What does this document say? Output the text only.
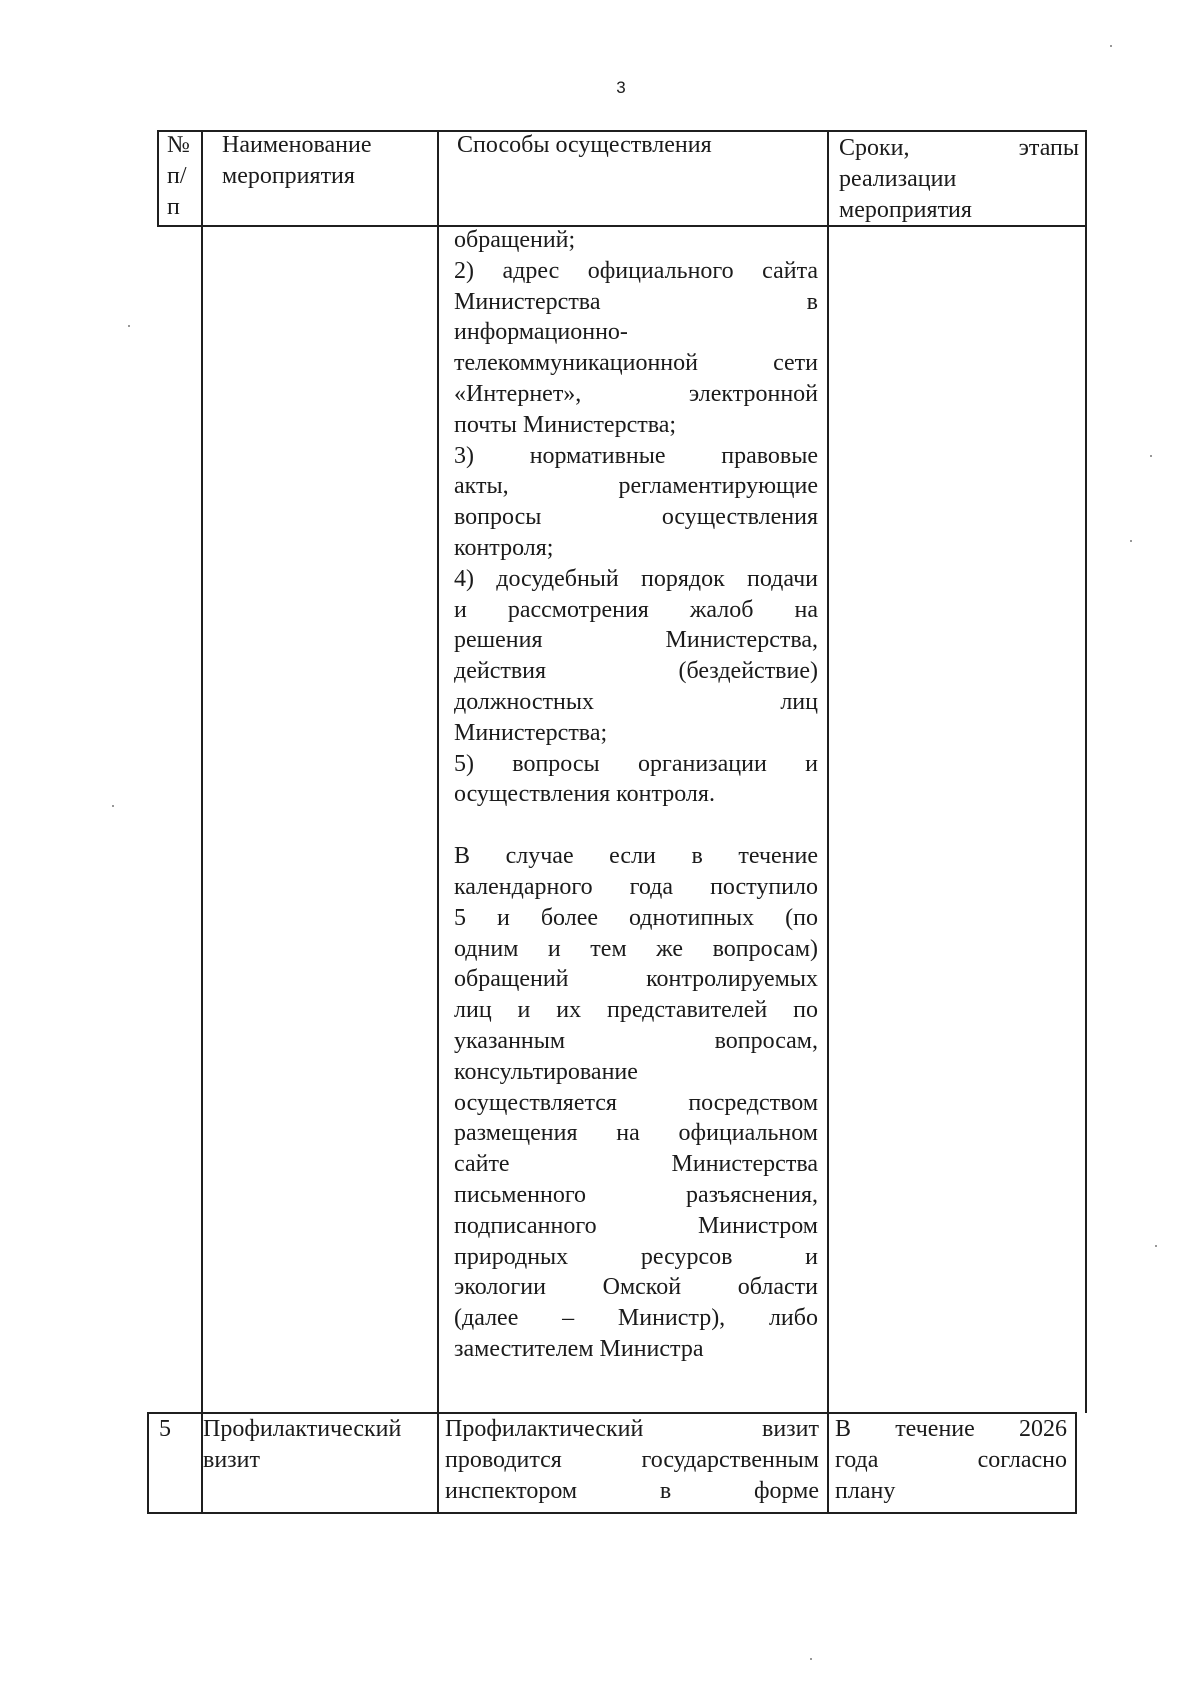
3
№ п/ п
Наименование мероприятия
Способы осуществления	Сроки, этапы
реализации мероприятия
обращений;
2) адрес официального сайта
Министерства в
информационно-
телекоммуникационной сети
«Интернет», электронной
почты Министерства;
3) нормативные правовые
акты, регламентирующие
вопросы осуществления
контроля;
4) досудебный порядок подачи
и рассмотрения жалоб на
решения Министерства,
действия (бездействие)
должностных лиц
Министерства;
5) вопросы организации и
осуществления контроля.
В случае если в течение
календарного года поступило
5 и более однотипных (по
одним и тем же вопросам)
обращений контролируемых
лиц и их представителей по
указанным вопросам,
консультирование
осуществляется посредством
размещения на официальном
сайте Министерства
письменного разъяснения,
подписанного Министром
природных ресурсов и
экологии Омской области
(далее – Министр), либо
заместителем Министра
5	Профилактический визит
Профилактический визит
проводится государственным
инспектором в форме
В течение 2026
года согласно
плану
